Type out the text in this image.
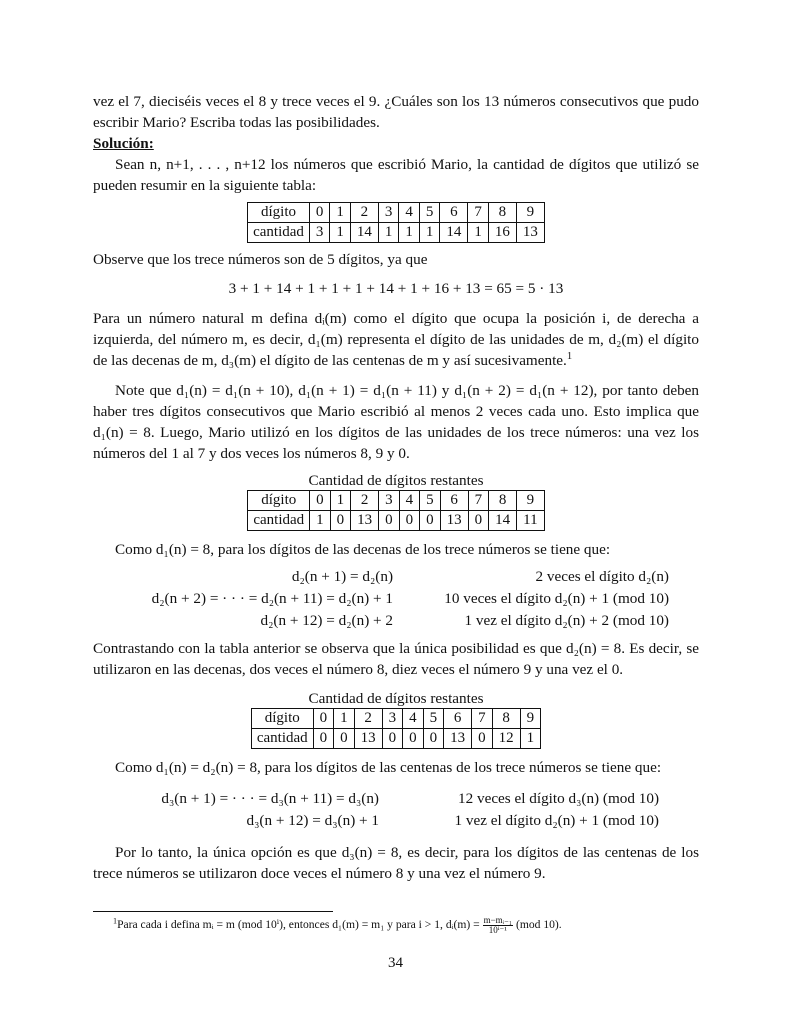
vez el 7, dieciséis veces el 8 y trece veces el 9. ¿Cuáles son los 13 números consecutivos que pudo escribir Mario? Escriba todas las posibilidades.

Solución:

Sean n, n+1, . . . , n+12 los números que escribió Mario, la cantidad de dígitos que utilizó se pueden resumir en la siguiente tabla:

dígito	0	1	2	3	4	5	6	7	8	9
cantidad	3	1	14	1	1	1	14	1	16	13

Observe que los trece números son de 5 dígitos, ya que

3 + 1 + 14 + 1 + 1 + 1 + 14 + 1 + 16 + 13 = 65 = 5 · 13

Para un número natural m defina dᵢ(m) como el dígito que ocupa la posición i, de derecha a izquierda, del número m, es decir, d₁(m) representa el dígito de las unidades de m, d₂(m) el dígito de las decenas de m, d₃(m) el dígito de las centenas de m y así sucesivamente.$^1$

Note que d₁(n) = d₁(n + 10), d₁(n + 1) = d₁(n + 11) y d₁(n + 2) = d₁(n + 12), por tanto deben haber tres dígitos consecutivos que Mario escribió al menos 2 veces cada uno. Esto implica que d₁(n) = 8. Luego, Mario utilizó en los dígitos de las unidades de los trece números: una vez los números del 1 al 7 y dos veces los números 8, 9 y 0.

Cantidad de dígitos restantes
dígito	0	1	2	3	4	5	6	7	8	9
cantidad	1	0	13	0	0	0	13	0	14	11

Como d₁(n) = 8, para los dígitos de las decenas de los trece números se tiene que:

d₂(n + 1) = d₂(n)	2 veces el dígito d₂(n)
d₂(n + 2) = · · · = d₂(n + 11) = d₂(n) + 1	10 veces el dígito d₂(n) + 1 (mod 10)
d₂(n + 12) = d₂(n) + 2	1 vez el dígito d₂(n) + 2 (mod 10)

Contrastando con la tabla anterior se observa que la única posibilidad es que d₂(n) = 8. Es decir, se utilizaron en las decenas, dos veces el número 8, diez veces el número 9 y una vez el 0.

Cantidad de dígitos restantes
dígito	0	1	2	3	4	5	6	7	8	9
cantidad	0	0	13	0	0	0	13	0	12	1

Como d₁(n) = d₂(n) = 8, para los dígitos de las centenas de los trece números se tiene que:

d₃(n + 1) = · · · = d₃(n + 11) = d₃(n)	12 veces el dígito d₃(n) (mod 10)
d₃(n + 12) = d₃(n) + 1	1 vez el dígito d₂(n) + 1 (mod 10)

Por lo tanto, la única opción es que d₃(n) = 8, es decir, para los dígitos de las centenas de los trece números se utilizaron doce veces el número 8 y una vez el número 9.

$^1$Para cada i defina mᵢ = m (mod 10ⁱ), entonces d₁(m) = m₁ y para i > 1, dᵢ(m) = $\frac{\text{m−mᵢ₋₁}}{\text{10ⁱ⁻¹}} (mod$ 10).
34
